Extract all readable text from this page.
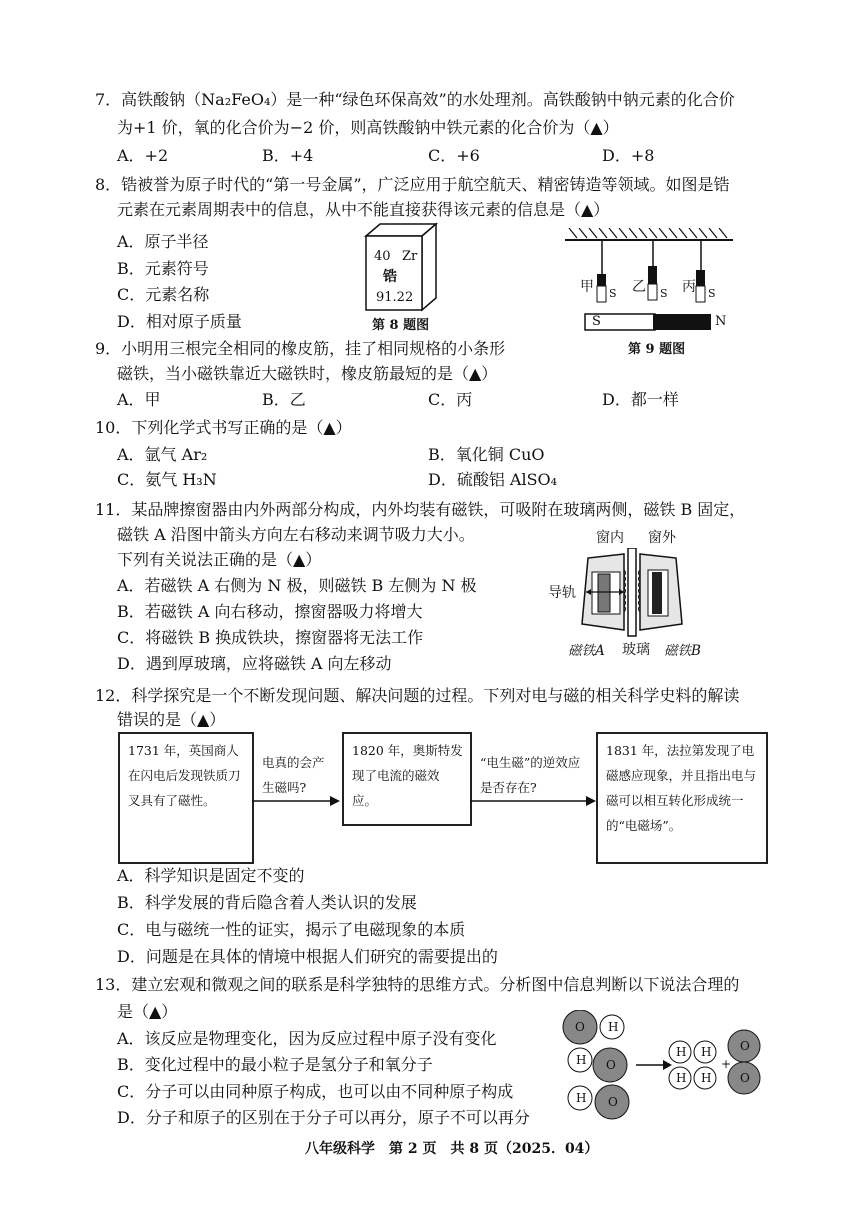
7．高铁酸钠（Na₂FeO₄）是一种“绿色环保高效”的水处理剂。高铁酸钠中钠元素的化合价
为+1 价，氧的化合价为−2 价，则高铁酸钠中铁元素的化合价为（▲）
A．+2	B．+4	C．+6	D．+8
8．锆被誉为原子时代的“第一号金属”，广泛应用于航空航天、精密铸造等领域。如图是锆
元素在元素周期表中的信息，从中不能直接获得该元素的信息是（▲）
A．原子半径
B．元素符号
C．元素名称
D．相对原子质量
40 Zr
锆
91.22
第 8 题图
甲	乙	丙
S	S	S
S	N
第 9 题图
9．小明用三根完全相同的橡皮筋，挂了相同规格的小条形
磁铁，当小磁铁靠近大磁铁时，橡皮筋最短的是（▲）
A．甲	B．乙	C．丙	D．都一样
10．下列化学式书写正确的是（▲）
A．氩气 Ar₂	B．氧化铜 CuO
C．氨气 H₃N	D．硫酸铝 AlSO₄
11．某品牌擦窗器由内外两部分构成，内外均装有磁铁，可吸附在玻璃两侧，磁铁 B 固定，
磁铁 A 沿图中箭头方向左右移动来调节吸力大小。
下列有关说法正确的是（▲）
A．若磁铁 A 右侧为 N 极，则磁铁 B 左侧为 N 极
B．若磁铁 A 向右移动，擦窗器吸力将增大
C．将磁铁 B 换成铁块，擦窗器将无法工作
D．遇到厚玻璃，应将磁铁 A 向左移动
窗内 窗外
导轨
磁铁A 玻璃 磁铁B
12．科学探究是一个不断发现问题、解决问题的过程。下列对电与磁的相关科学史料的解读
错误的是（▲）
1731 年，英国商人在闪电后发现铁质刀叉具有了磁性。
电真的会产生磁吗?
1820 年，奥斯特发现了电流的磁效应。
“电生磁”的逆效应是否存在?
1831 年，法拉第发现了电磁感应现象，并且指出电与磁可以相互转化形成统一的“电磁场”。
A．科学知识是固定不变的
B．科学发展的背后隐含着人类认识的发展
C．电与磁统一性的证实，揭示了电磁现象的本质
D．问题是在具体的情境中根据人们研究的需要提出的
13．建立宏观和微观之间的联系是科学独特的思维方式。分析图中信息判断以下说法合理的
是（▲）
A．该反应是物理变化，因为反应过程中原子没有变化
B．变化过程中的最小粒子是氢分子和氧分子
C．分子可以由同种原子构成，也可以由不同种原子构成
D．分子和原子的区别在于分子可以再分，原子不可以再分
O H
H O
H O
H H
H H
+
O
O
八年级科学　第 2 页　共 8 页（2025．04）
